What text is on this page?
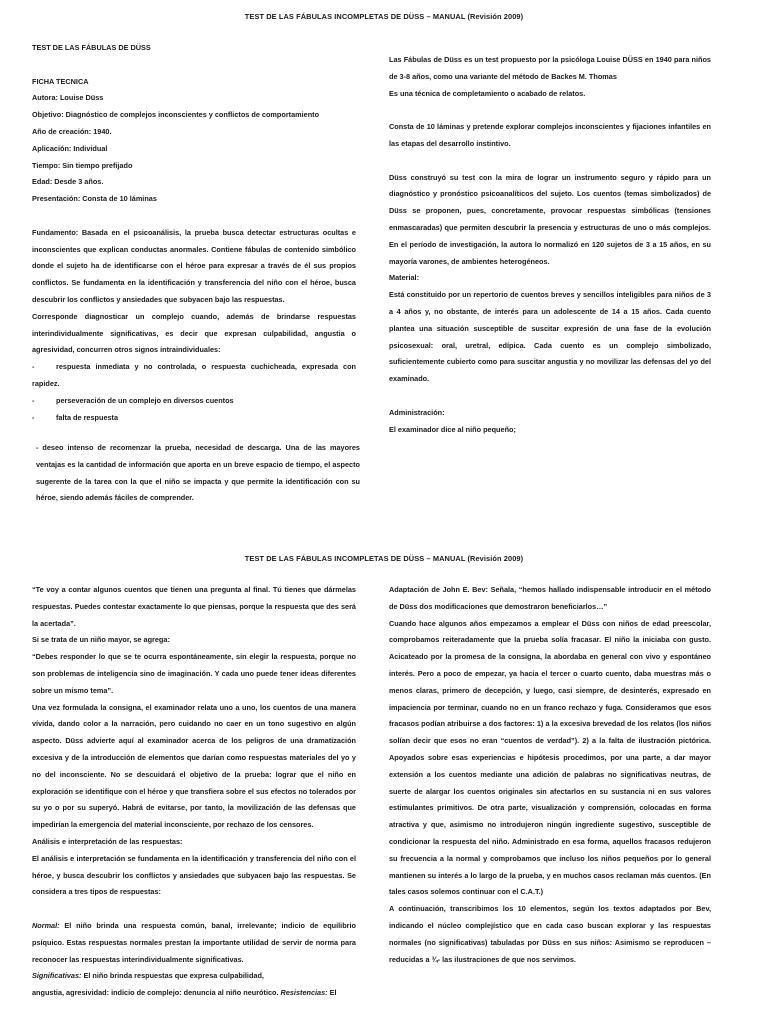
TEST DE LAS FÁBULAS INCOMPLETAS DE DÜSS – MANUAL (Revisión 2009)

TEST DE LAS FÁBULAS DE DÜSS

FICHA TECNICA

Autora: Louise Düss

Objetivo: Diagnóstico de complejos inconscientes y conflictos de comportamiento

Año de creación: 1940.

Aplicación: Individual

Tiempo: Sin tiempo prefijado

Edad: Desde 3 años.

Presentación: Consta de 10 láminas

Fundamento: Basada en el psicoanálisis, la prueba busca detectar estructuras ocultas e inconscientes que explican conductas anormales. Contiene fábulas de contenido simbólico donde el sujeto ha de identificarse con el héroe para expresar a través de él sus propios conflictos. Se fundamenta en la identificación y transferencia del niño con el héroe, busca descubrir los conflictos y ansiedades que subyacen bajo las respuestas.

Corresponde diagnosticar un complejo cuando, además de brindarse respuestas interindividualmente significativas, es decir que expresan culpabilidad, angustia o agresividad, concurren otros signos intraindividuales:

-	respuesta inmediata y no controlada, o respuesta cuchicheada, expresada con rapidez.

-	perseveración de un complejo en diversos cuentos

-	falta de respuesta

- deseo intenso de recomenzar la prueba, necesidad de descarga. Una de las mayores ventajas es la cantidad de información que aporta en un breve espacio de tiempo, el aspecto sugerente de la tarea con la que el niño se impacta y que permite la identificación con su héroe, siendo además fáciles de comprender.

Las Fábulas de Düss es un test propuesto por la psicóloga Louise DÜSS en 1940 para niños de 3-8 años, como una variante del método de Backes M. Thomas

Es una técnica de completamiento o acabado de relatos.

Consta de 10 láminas y pretende explorar complejos inconscientes y fijaciones infantiles en las etapas del desarrollo instintivo.

Düss construyó su test con la mira de lograr un instrumento seguro y rápido para un diagnóstico y pronóstico psicoanalíticos del sujeto. Los cuentos (temas simbolizados) de Düss se proponen, pues, concretamente, provocar respuestas simbólicas (tensiones enmascaradas) que permiten descubrir la presencia y estructuras de uno o más complejos. En el período de investigación, la autora lo normalizó en 120 sujetos de 3 a 15 años, en su mayoría varones, de ambientes heterogéneos.

Material:

Está constituido por un repertorio de cuentos breves y sencillos inteligibles para niños de 3 a 4 años y, no obstante, de interés para un adolescente de 14 a 15 años. Cada cuento plantea una situación susceptible de suscitar expresión de una fase de la evolución psicosexual: oral, uretral, edípica. Cada cuento es un complejo simbolizado, suficientemente cubierto como para suscitar angustia y no movilizar las defensas del yo del examinado.

Administración:

El examinador dice al niño pequeño;

TEST DE LAS FÁBULAS INCOMPLETAS DE DÜSS – MANUAL (Revisión 2009)

“Te voy a contar algunos cuentos que tienen una pregunta al final. Tú tienes que dármelas respuestas. Puedes contestar exactamente lo que piensas, porque la respuesta que des será la acertada”.

Si se trata de un niño mayor, se agrega:

“Debes responder lo que se te ocurra espontáneamente, sin elegir la respuesta, porque no son problemas de inteligencia sino de imaginación. Y cada uno puede tener ideas diferentes sobre un mismo tema”.

Una vez formulada la consigna, el examinador relata uno a uno, los cuentos de una manera vívida, dando color a la narración, pero cuidando no caer en un tono sugestivo en algún aspecto. Düss advierte aquí al examinador acerca de los peligros de una dramatización excesiva y de la introducción de elementos que darían como respuestas materiales del yo y no del inconsciente. No se descuidará el objetivo de la prueba: lograr que el niño en exploración se identifique con el héroe y que transfiera sobre el sus efectos no tolerados por su yo o por su superyó. Habrá de evitarse, por tanto, la movilización de las defensas que impedirían la emergencia del material inconsciente, por rechazo de los censores.

Análisis e interpretación de las respuestas:

El análisis e interpretación se fundamenta en la identificación y transferencia del niño con el héroe, y busca descubrir los conflictos y ansiedades que subyacen bajo las respuestas. Se considera a tres tipos de respuestas:

Normal: El niño brinda una respuesta común, banal, irrelevante; indicio de equilibrio psíquico. Estas respuestas normales prestan la importante utilidad de servir de norma para reconocer las respuestas interindividualmente significativas.

Significativas: El niño brinda respuestas que expresa culpabilidad,

angustia, agresividad: indicio de complejo: denuncia al niño neurótico. Resistencias: El

Adaptación de John E. Bev: Señala, “hemos hallado indispensable introducir en el método de Düss dos modificaciones que demostraron beneficiarlos…”

Cuando hace algunos años empezamos a emplear el Düss con niños de edad preescolar, comprobamos reiteradamente que la prueba solía fracasar. El niño la iniciaba con gusto. Acicateado por la promesa de la consigna, la abordaba en general con vivo y espontáneo interés. Pero a poco de empezar, ya hacia el tercer o cuarto cuento, daba muestras más o menos claras, primero de decepción, y luego, casi siempre, de desinterés, expresado en impaciencia por terminar, cuando no en un franco rechazo y fuga. Consideramos que esos fracasos podían atribuirse a dos factores: 1) a la excesiva brevedad de los relatos (los niños solían decir que esos no eran “cuentos de verdad”). 2) a la falta de ilustración pictórica. Apoyados sobre esas experiencias e hipótesis procedimos, por una parte, a dar mayor extensión a los cuentos mediante una adición de palabras no significativas neutras, de suerte de alargar los cuentos originales sin afectarlos en su sustancia ni en sus valores estimulantes primitivos. De otra parte, visualización y comprensión, colocadas en forma atractiva y que, asimismo no introdujeron ningún ingrediente sugestivo, susceptible de condicionar la respuesta del niño. Administrado en esa forma, aquellos fracasos redujeron su frecuencia a la normal y comprobamos que incluso los niños pequeños por lo general mantienen su interés a lo largo de la prueba, y en muchos casos reclaman más cuentos. (En tales casos solemos continuar con el C.A.T.)

A continuación, transcribimos los 10 elementos, según los textos adaptados por Bev, indicando el núcleo complejístico que en cada caso buscan explorar y las respuestas normales (no significativas) tabuladas por Düss en sus niños: Asimismo se reproducen –reducidas a ¾- las ilustraciones de que nos servimos.
